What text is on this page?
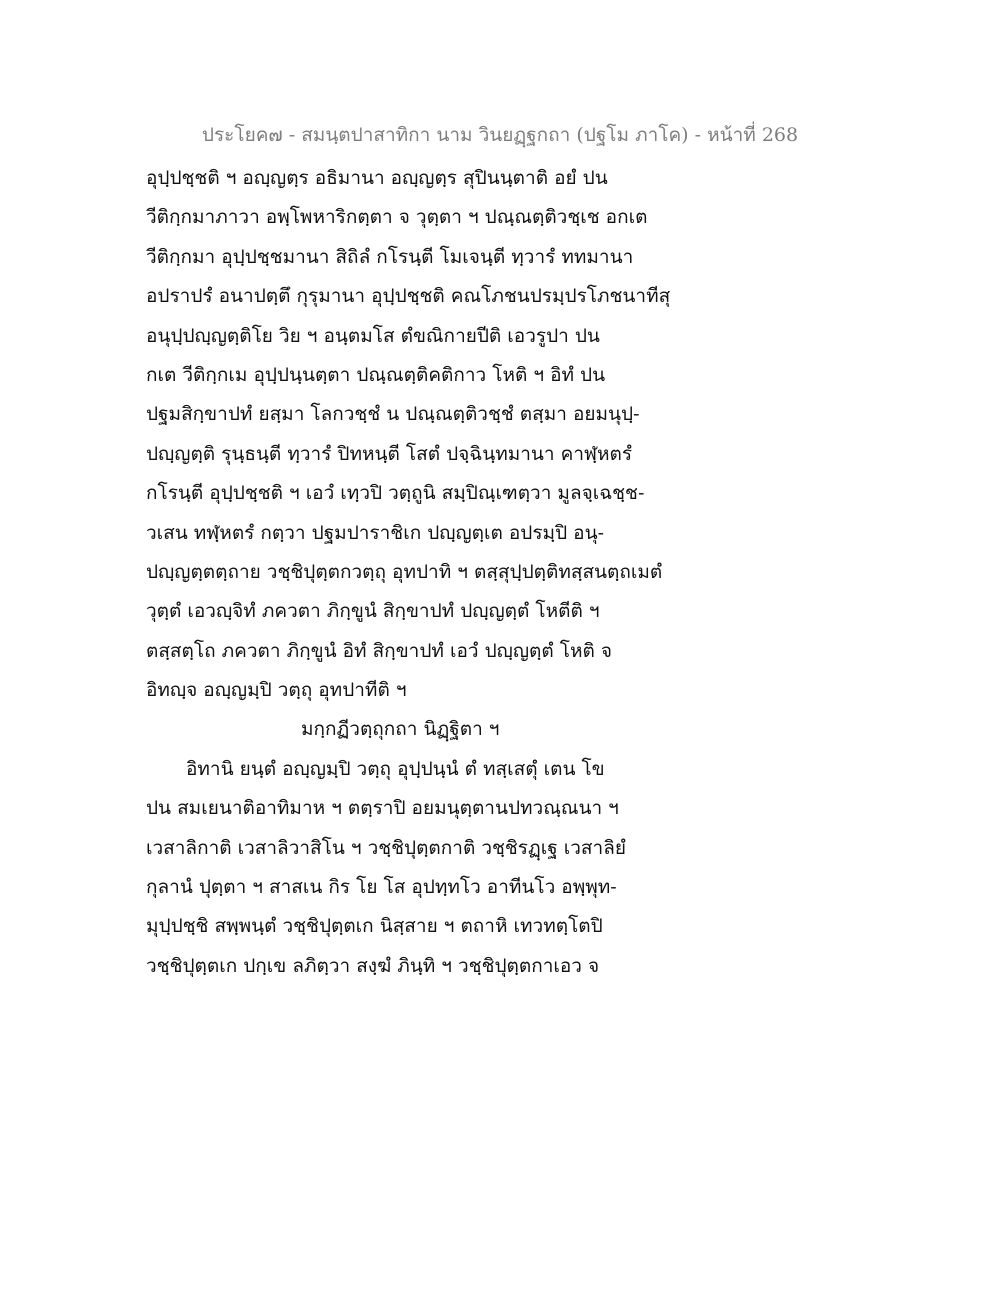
ประโยค๗ - สมนฺตปาสาทิกา นาม วินยฏฺฐกถา (ปฐโม ภาโค) - หน้าที่ 268
อุปฺปชฺชติ ฯ อญฺญตฺร อธิมานา อญฺญตฺร สุปินนฺตาติ อยํ ปน
วีติกฺกมาภาวา อพฺโพหาริกตฺตา จ วุตฺตา ฯ ปณฺณตฺติวชฺเช อกเต
วีติกฺกมา อุปฺปชฺชมานา สิถิลํ กโรนฺตี โมเจนฺตี ทฺวารํ ททมานา
อปราปรํ อนาปตฺตึ กุรุมานา อุปฺปชฺชติ คณโภชนปรมฺปรโภชนาทีสุ
อนุปฺปญฺญตฺติโย วิย ฯ อนฺตมโส ตํขณิกายปีติ เอวรูปา ปน
กเต วีติกฺกเม อุปฺปนฺนตฺตา ปณฺณตฺติคติกาว โหติ ฯ อิทํ ปน
ปฐมสิกฺขาปทํ ยสฺมา โลกวชฺชํ น ปณฺณตฺติวชฺชํ ตสฺมา อยมนุปฺ-
ปญฺญตฺติ รุนฺธนฺตี ทฺวารํ ปิทหนฺตี โสตํ ปจฺฉินฺทมานา คาฬฺหตรํ
กโรนฺตี อุปฺปชฺชติ ฯ เอวํ เทฺวปิ วตฺถูนิ สมฺปิณฺเฑตฺวา มูลจฺเฉชฺช-
วเสน ทฬฺหตรํ กตฺวา ปฐมปาราชิเก ปญฺญตฺเต อปรมฺปิ อนุ-
ปญฺญตฺตตฺถาย วชฺชิปุตฺตกวตฺถุ อุทปาทิ ฯ ตสฺสุปฺปตฺติทสฺสนตฺถเมตํ
วุตฺตํ เอวญฺจิทํ ภควตา ภิกฺขูนํ สิกฺขาปทํ ปญฺญตฺตํ โหตีติ ฯ
ตสฺสตฺโถ ภควตา ภิกฺขูนํ อิทํ สิกฺขาปทํ เอวํ ปญฺญตฺตํ โหติ จ
อิทญฺจ อญฺญมฺปิ วตฺถุ อุทปาทีติ ฯ
มกฺกฏีวตฺถุกถา นิฏฺฐิตา ฯ
อิทานิ ยนฺตํ อญฺญมฺปิ วตฺถุ อุปฺปนฺนํ ตํ ทสฺเสตุํ เตน โข
ปน สมเยนาติอาทิมาห ฯ ตตฺราปิ อยมนุตฺตานปทวณฺณนา ฯ
เวสาลิกาติ เวสาลิวาสิโน ฯ วชฺชิปุตฺตกาติ วชฺชิรฏฺเฐ เวสาลิยํ
กุลานํ ปุตฺตา ฯ สาสเน กิร โย โส อุปทฺทโว อาทีนโว อพฺพุท-
มุปฺปชฺชิ สพฺพนฺตํ วชฺชิปุตฺตเก นิสฺสาย ฯ ตถาหิ เทวทตฺโตปิ
วชฺชิปุตฺตเก ปกฺเข ลภิตฺวา สงฺฆํ ภินฺทิ ฯ วชฺชิปุตฺตกาเอว จ
